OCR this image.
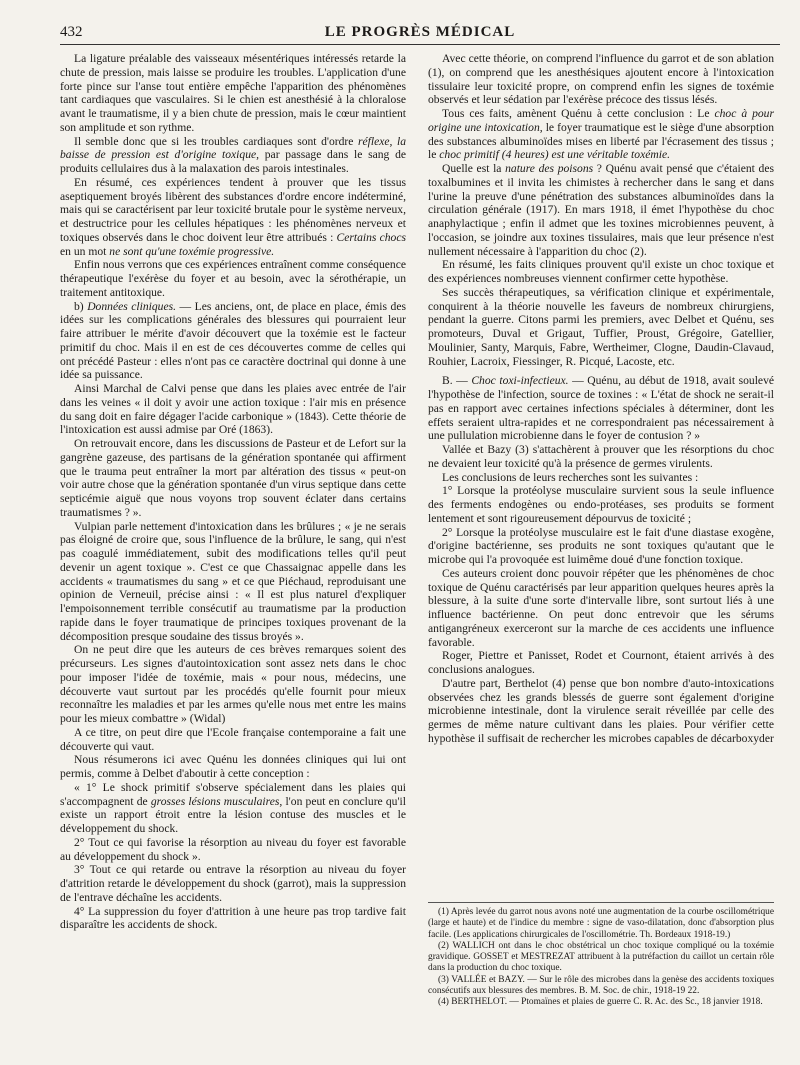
432	LE PROGRÈS MÉDICAL

La ligature préalable des vaisseaux mésentériques intéressés retarde la chute de pression, mais laisse se produire les troubles. L'application d'une forte pince sur l'anse tout entière empêche l'apparition des phénomènes tant cardiaques que vasculaires. Si le chien est anesthésié à la chloralose avant le traumatisme, il y a bien chute de pression, mais le cœur maintient son amplitude et son rythme.

Il semble donc que si les troubles cardiaques sont d'ordre réflexe, la baisse de pression est d'origine toxique, par passage dans le sang de produits cellulaires dus à la malaxation des parois intestinales.

En résumé, ces expériences tendent à prouver que les tissus aseptiquement broyés libèrent des substances d'ordre encore indéterminé, mais qui se caractérisent par leur toxicité brutale pour le système nerveux, et destructrice pour les cellules hépatiques : les phénomènes nerveux et toxiques observés dans le choc doivent leur être attribués : Certains chocs en un mot ne sont qu'une toxémie progressive.

Enfin nous verrons que ces expériences entraînent comme conséquence thérapeutique l'exérèse du foyer et au besoin, avec la sérothérapie, un traitement antitoxique.

b) Données cliniques. — Les anciens, ont, de place en place, émis des idées sur les complications générales des blessures qui pourraient leur faire attribuer le mérite d'avoir découvert que la toxémie est le facteur primitif du choc. Mais il en est de ces découvertes comme de celles qui ont précédé Pasteur : elles n'ont pas ce caractère doctrinal qui donne à une idée sa puissance.

Ainsi Marchal de Calvi pense que dans les plaies avec entrée de l'air dans les veines « il doit y avoir une action toxique : l'air mis en présence du sang doit en faire dégager l'acide carbonique » (1843). Cette théorie de l'intoxication est aussi admise par Oré (1863).

On retrouvait encore, dans les discussions de Pasteur et de Lefort sur la gangrène gazeuse, des partisans de la génération spontanée qui affirment que le trauma peut entraîner la mort par altération des tissus « peut-on voir autre chose que la génération spontanée d'un virus septique dans cette septicémie aiguë que nous voyons trop souvent éclater dans certains traumatismes ? ».

Vulpian parle nettement d'intoxication dans les brûlures ; « je ne serais pas éloigné de croire que, sous l'influence de la brûlure, le sang, qui n'est pas coagulé immédiatement, subit des modifications telles qu'il peut devenir un agent toxique ». C'est ce que Chassaignac appelle dans les accidents « traumatismes du sang » et ce que Piéchaud, reproduisant une opinion de Verneuil, précise ainsi : « Il est plus naturel d'expliquer l'empoisonnement terrible consécutif au traumatisme par la production rapide dans le foyer traumatique de principes toxiques provenant de la décomposition presque soudaine des tissus broyés ».

On ne peut dire que les auteurs de ces brèves remarques soient des précurseurs. Les signes d'autointoxication sont assez nets dans le choc pour imposer l'idée de toxémie, mais « pour nous, médecins, une découverte vaut surtout par les procédés qu'elle fournit pour mieux reconnaître les maladies et par les armes qu'elle nous met entre les mains pour les mieux combattre » (Widal)

A ce titre, on peut dire que l'Ecole française contemporaine a fait une découverte qui vaut.

Nous résumerons ici avec Quénu les données cliniques qui lui ont permis, comme à Delbet d'aboutir à cette conception :

« 1° Le shock primitif s'observe spécialement dans les plaies qui s'accompagnent de grosses lésions musculaires, l'on peut en conclure qu'il existe un rapport étroit entre la lésion contuse des muscles et le développement du shock.

2° Tout ce qui favorise la résorption au niveau du foyer est favorable au développement du shock ».

3° Tout ce qui retarde ou entrave la résorption au niveau du foyer d'attrition retarde le développement du shock (garrot), mais la suppression de l'entrave déchaîne les accidents.

4° La suppression du foyer d'attrition à une heure pas trop tardive fait disparaître les accidents de shock.

Avec cette théorie, on comprend l'influence du garrot et de son ablation (1), on comprend que les anesthésiques ajoutent encore à l'intoxication tissulaire leur toxicité propre, on comprend enfin les signes de toxémie observés et leur sédation par l'exérèse précoce des tissus lésés.

Tous ces faits, amènent Quénu à cette conclusion : Le choc à pour origine une intoxication, le foyer traumatique est le siège d'une absorption des substances albuminoïdes mises en liberté par l'écrasement des tissus ; le choc primitif (4 heures) est une véritable toxémie.

Quelle est la nature des poisons ? Quénu avait pensé que c'étaient des toxalbumines et il invita les chimistes à rechercher dans le sang et dans l'urine la preuve d'une pénétration des substances albuminoïdes dans la circulation générale (1917). En mars 1918, il émet l'hypothèse du choc anaphylactique ; enfin il admet que les toxines microbiennes peuvent, à l'occasion, se joindre aux toxines tissulaires, mais que leur présence n'est nullement nécessaire à l'apparition du choc (2).

En résumé, les faits cliniques prouvent qu'il existe un choc toxique et des expériences nombreuses viennent confirmer cette hypothèse.

Ses succès thérapeutiques, sa vérification clinique et expérimentale, conquirent à la théorie nouvelle les faveurs de nombreux chirurgiens, pendant la guerre. Citons parmi les premiers, avec Delbet et Quénu, ses promoteurs, Duval et Grigaut, Tuffier, Proust, Grégoire, Gatellier, Moulinier, Santy, Marquis, Fabre, Wertheimer, Clogne, Daudin-Clavaud, Rouhier, Lacroix, Fiessinger, R. Picqué, Lacoste, etc.

B. — Choc toxi-infectieux. — Quénu, au début de 1918, avait soulevé l'hypothèse de l'infection, source de toxines : « L'état de shock ne serait-il pas en rapport avec certaines infections spéciales à déterminer, dont les effets seraient ultra-rapides et ne correspondraient pas nécessairement à une pullulation microbienne dans le foyer de contusion ? »

Vallée et Bazy (3) s'attachèrent à prouver que les résorptions du choc ne devaient leur toxicité qu'à la présence de germes virulents.

Les conclusions de leurs recherches sont les suivantes :

1° Lorsque la protéolyse musculaire survient sous la seule influence des ferments endogènes ou endo-protéases, ses produits se forment lentement et sont rigoureusement dépourvus de toxicité ;

2° Lorsque la protéolyse musculaire est le fait d'une diastase exogène, d'origine bactérienne, ses produits ne sont toxiques qu'autant que le microbe qui l'a provoquée est luimême doué d'une fonction toxique.

Ces auteurs croient donc pouvoir répéter que les phénomènes de choc toxique de Quénu caractérisés par leur apparition quelques heures après la blessure, à la suite d'une sorte d'intervalle libre, sont surtout liés à une influence bactérienne. On peut donc entrevoir que les sérums antigangréneux exerceront sur la marche de ces accidents une influence favorable.

Roger, Piettre et Panisset, Rodet et Cournont, étaient arrivés à des conclusions analogues.

D'autre part, Berthelot (4) pense que bon nombre d'auto-intoxications observées chez les grands blessés de guerre sont également d'origine microbienne intestinale, dont la virulence serait réveillée par celle des germes de même nature cultivant dans les plaies. Pour vérifier cette hypothèse il suffisait de rechercher les microbes capables de décarboxyder

(1) Après levée du garrot nous avons noté une augmentation de la courbe oscillométrique (large et haute) et de l'indice du membre : signe de vaso-dilatation, donc d'absorption plus facile. (Les applications chirurgicales de l'oscillométrie. Th. Bordeaux 1918-19.)

(2) WALLICH ont dans le choc obstétrical un choc toxique compliqué ou la toxémie gravidique. GOSSET et MESTREZAT attribuent à la putréfaction du caillot un certain rôle dans la production du choc toxique.

(3) VALLÉE et BAZY. — Sur le rôle des microbes dans la genèse des accidents toxiques consécutifs aux blessures des membres. B. M. Soc. de chir., 1918-19 22.

(4) BERTHELOT. — Ptomaïnes et plaies de guerre C. R. Ac. des Sc., 18 janvier 1918.
